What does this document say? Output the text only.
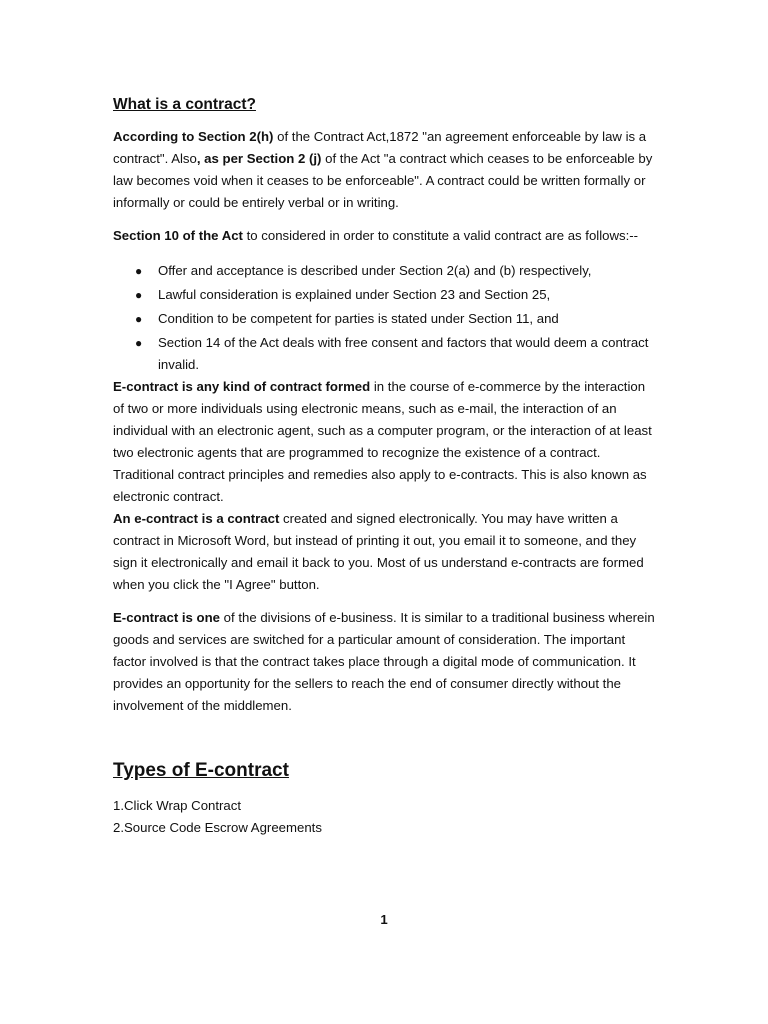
What is a contract?

According to Section 2(h) of the Contract Act,1872 "an agreement enforceable by law is a contract". Also, as per Section 2 (j) of the Act "a contract which ceases to be enforceable by law becomes void when it ceases to be enforceable". A contract could be written formally or informally or could be entirely verbal or in writing.

Section 10 of the Act to considered in order to constitute a valid contract are as follows:--

● Offer and acceptance is described under Section 2(a) and (b) respectively,
● Lawful consideration is explained under Section 23 and Section 25,
● Condition to be competent for parties is stated under Section 11, and
● Section 14 of the Act deals with free consent and factors that would deem a contract invalid.

E-contract is any kind of contract formed in the course of e-commerce by the interaction of two or more individuals using electronic means, such as e-mail, the interaction of an individual with an electronic agent, such as a computer program, or the interaction of at least two electronic agents that are programmed to recognize the existence of a contract.

Traditional contract principles and remedies also apply to e-contracts. This is also known as electronic contract.

An e-contract is a contract created and signed electronically. You may have written a contract in Microsoft Word, but instead of printing it out, you email it to someone, and they sign it electronically and email it back to you. Most of us understand e-contracts are formed when you click the "I Agree" button.

E-contract is one of the divisions of e-business. It is similar to a traditional business wherein goods and services are switched for a particular amount of consideration. The important factor involved is that the contract takes place through a digital mode of communication. It provides an opportunity for the sellers to reach the end of consumer directly without the involvement of the middlemen.

Types of E-contract

1.Click Wrap Contract

2.Source Code Escrow Agreements

1
